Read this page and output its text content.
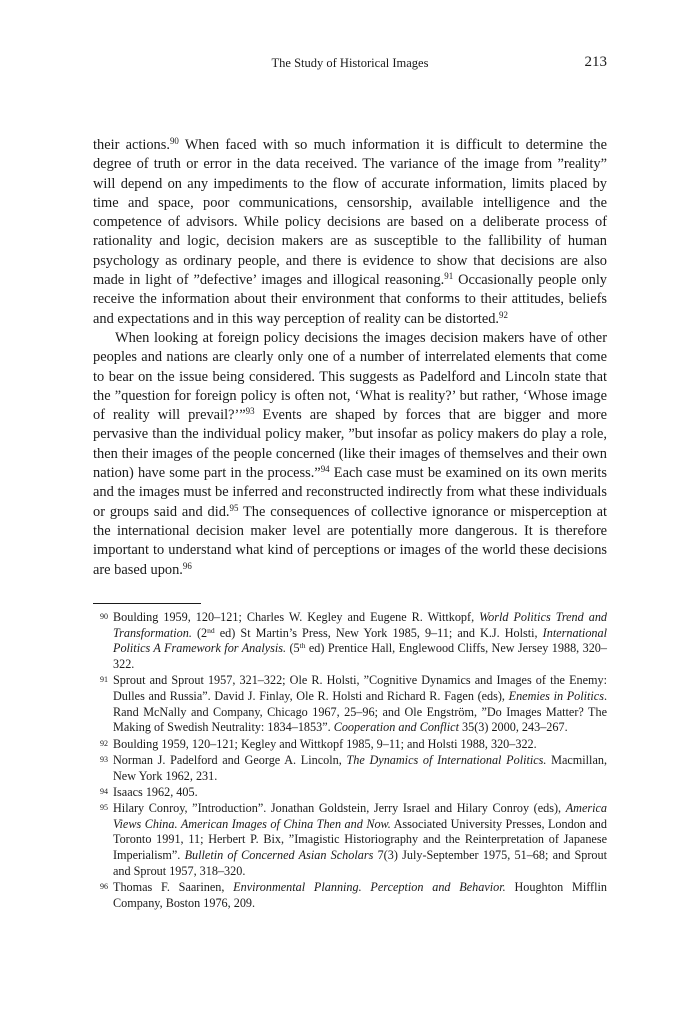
The Study of Historical Images	213

their actions.$^{90}$ When faced with so much information it is difficult to determine the degree of truth or error in the data received. The variance of the image from ”reality” will depend on any impediments to the flow of accurate information, limits placed by time and space, poor communications, censorship, available intelligence and the competence of advisors. While policy decisions are based on a deliberate process of rationality and logic, decision makers are as susceptible to the fallibility of human psychology as ordinary people, and there is evidence to show that decisions are also made in light of ”defective’ images and illogical reasoning.$^{91}$ Occasionally people only receive the information about their environment that conforms to their attitudes, beliefs and expectations and in this way perception of reality can be distorted.$^{92}$

When looking at foreign policy decisions the images decision makers have of other peoples and nations are clearly only one of a number of interrelated elements that come to bear on the issue being considered. This suggests as Padelford and Lincoln state that the ”question for foreign policy is often not, ‘What is reality?’ but rather, ‘Whose image of reality will prevail?’”$^{93}$ Events are shaped by forces that are bigger and more pervasive than the individual policy maker, ”but insofar as policy makers do play a role, then their images of the people concerned (like their images of themselves and their own nation) have some part in the process.”$^{94}$ Each case must be examined on its own merits and the images must be inferred and reconstructed indirectly from what these individuals or groups said and did.$^{95}$ The consequences of collective ignorance or misperception at the international decision maker level are potentially more dangerous. It is therefore important to understand what kind of perceptions or images of the world these decisions are based upon.$^{96}$

90 Boulding 1959, 120–121; Charles W. Kegley and Eugene R. Wittkopf, World Politics Trend and Transformation. (2nd ed) St Martin’s Press, New York 1985, 9–11; and K.J. Holsti, International Politics A Framework for Analysis. (5th ed) Prentice Hall, Englewood Cliffs, New Jersey 1988, 320–322.
91 Sprout and Sprout 1957, 321–322; Ole R. Holsti, ”Cognitive Dynamics and Images of the Enemy: Dulles and Russia”. David J. Finlay, Ole R. Holsti and Richard R. Fagen (eds), Enemies in Politics. Rand McNally and Company, Chicago 1967, 25–96; and Ole Engström, ”Do Images Matter? The Making of Swedish Neutrality: 1834–1853”. Cooperation and Conflict 35(3) 2000, 243–267.
92 Boulding 1959, 120–121; Kegley and Wittkopf 1985, 9–11; and Holsti 1988, 320–322.
93 Norman J. Padelford and George A. Lincoln, The Dynamics of International Politics. Macmillan, New York 1962, 231.
94 Isaacs 1962, 405.
95 Hilary Conroy, ”Introduction”. Jonathan Goldstein, Jerry Israel and Hilary Conroy (eds), America Views China. American Images of China Then and Now. Associated University Presses, London and Toronto 1991, 11; Herbert P. Bix, ”Imagistic Historiography and the Reinterpretation of Japanese Imperialism”. Bulletin of Concerned Asian Scholars 7(3) July-September 1975, 51–68; and Sprout and Sprout 1957, 318–320.
96 Thomas F. Saarinen, Environmental Planning. Perception and Behavior. Houghton Mifflin Company, Boston 1976, 209.
